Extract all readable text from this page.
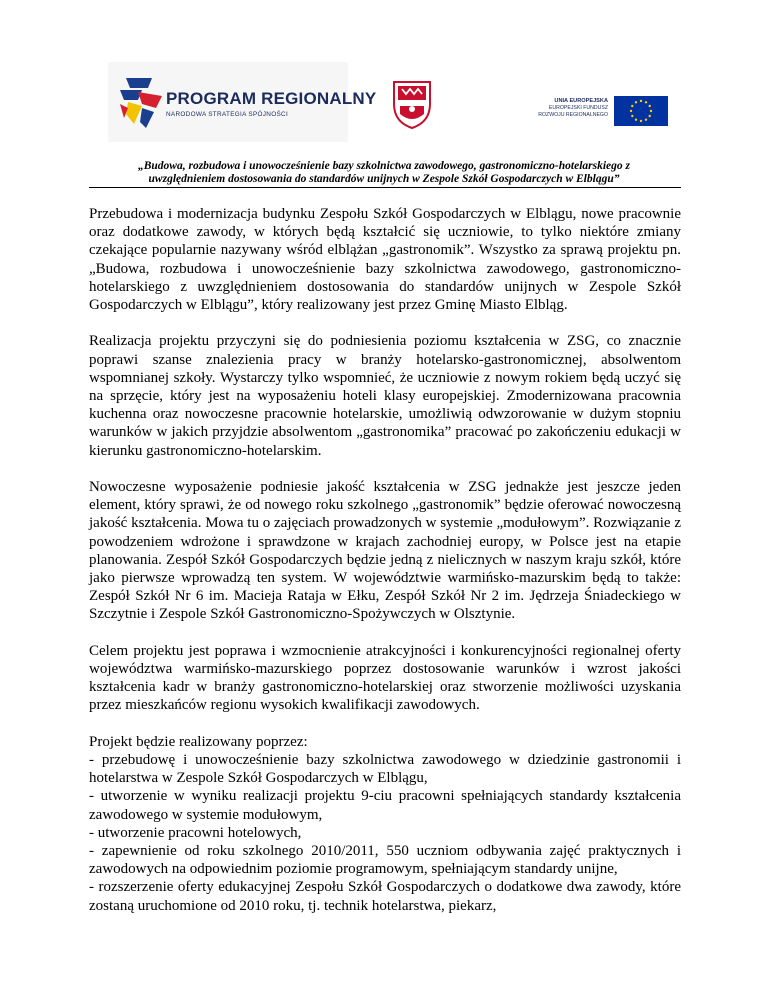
PROGRAM REGIONALNY
NARODOWA STRATEGIA SPÓJNOŚCI
UNIA EUROPEJSKA
EUROPEJSKI FUNDUSZ
ROZWOJU REGIONALNEGO
„Budowa, rozbudowa i unowocześnienie bazy szkolnictwa zawodowego, gastronomiczno-hotelarskiego z
uwzględnieniem dostosowania do standardów unijnych w Zespole Szkół Gospodarczych w Elblągu”

Przebudowa i modernizacja budynku Zespołu Szkół Gospodarczych w Elblągu, nowe pracownie oraz dodatkowe zawody, w których będą kształcić się uczniowie, to tylko niektóre zmiany czekające popularnie nazywany wśród elblążan „gastronomik”. Wszystko za sprawą projektu pn. „Budowa, rozbudowa i unowocześnienie bazy szkolnictwa zawodowego, gastronomiczno-hotelarskiego z uwzględnieniem dostosowania do standardów unijnych w Zespole Szkół Gospodarczych w Elblągu”, który realizowany jest przez Gminę Miasto Elbląg.

Realizacja projektu przyczyni się do podniesienia poziomu kształcenia w ZSG, co znacznie poprawi szanse znalezienia pracy w branży hotelarsko-gastronomicznej, absolwentom wspomnianej szkoły. Wystarczy tylko wspomnieć, że uczniowie z nowym rokiem będą uczyć się na sprzęcie, który jest na wyposażeniu hoteli klasy europejskiej. Zmodernizowana pracownia kuchenna oraz nowoczesne pracownie hotelarskie, umożliwią odwzorowanie w dużym stopniu warunków w jakich przyjdzie absolwentom „gastronomika” pracować po zakończeniu edukacji w kierunku gastronomiczno-hotelarskim.

Nowoczesne wyposażenie podniesie jakość kształcenia w ZSG jednakże jest jeszcze jeden element, który sprawi, że od nowego roku szkolnego „gastronomik” będzie oferować nowoczesną jakość kształcenia. Mowa tu o zajęciach prowadzonych w systemie „modułowym”. Rozwiązanie z powodzeniem wdrożone i sprawdzone w krajach zachodniej europy, w Polsce jest na etapie planowania. Zespół Szkół Gospodarczych będzie jedną z nielicznych w naszym kraju szkół, które jako pierwsze wprowadzą ten system. W województwie warmińsko-mazurskim będą to także: Zespół Szkół Nr 6 im. Macieja Rataja w Ełku, Zespół Szkół Nr 2 im. Jędrzeja Śniadeckiego w Szczytnie i Zespole Szkół Gastronomiczno-Spożywczych w Olsztynie.

Celem projektu jest poprawa i wzmocnienie atrakcyjności i konkurencyjności regionalnej oferty województwa warmińsko-mazurskiego poprzez dostosowanie warunków i wzrost jakości kształcenia kadr w branży gastronomiczno-hotelarskiej oraz stworzenie możliwości uzyskania przez mieszkańców regionu wysokich kwalifikacji zawodowych.

Projekt będzie realizowany poprzez:
- przebudowę i unowocześnienie bazy szkolnictwa zawodowego w dziedzinie gastronomii i hotelarstwa w Zespole Szkół Gospodarczych w Elblągu,
- utworzenie w wyniku realizacji projektu 9-ciu pracowni spełniających standardy kształcenia zawodowego w systemie modułowym,
- utworzenie pracowni hotelowych,
- zapewnienie od roku szkolnego 2010/2011, 550 uczniom odbywania zajęć praktycznych i zawodowych na odpowiednim poziomie programowym, spełniającym standardy unijne,
- rozszerzenie oferty edukacyjnej Zespołu Szkół Gospodarczych o dodatkowe dwa zawody, które zostaną uruchomione od 2010 roku, tj. technik hotelarstwa, piekarz,
